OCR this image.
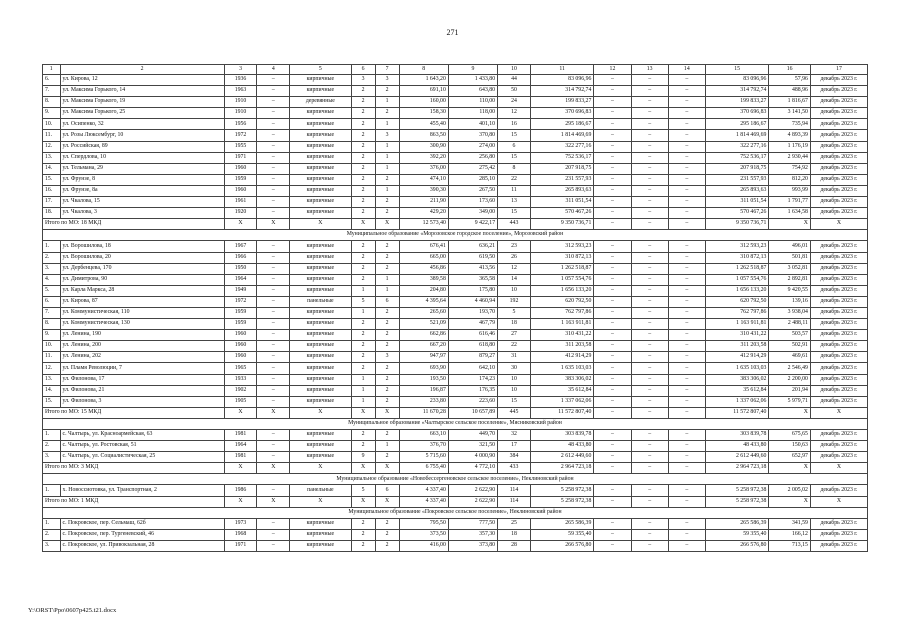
271
1	2	3	4	5	6	7	8	9	10	11	12	13	14	15	16	17
6.	ул. Кирова, 12	1936	–	кирпичные	3	3	1 643,20	1 433,80	44	83 096,96	–	–	–	83 096,96	57,96	декабрь 2023 г.
7.	ул. Максима Горького, 14	1963	–	кирпичные	2	2	691,10	643,80	50	314 792,74	–	–	–	314 792,74	488,96	декабрь 2023 г.
8.	ул. Максима Горького, 19	1910	–	деревянные	2	1	160,00	110,00	24	199 833,27	–	–	–	199 833,27	1 816,67	декабрь 2023 г.
9.	ул. Максима Горького, 25	1910	–	кирпичные	2	2	158,30	118,00	12	370 696,83	–	–	–	370 696,83	3 141,50	декабрь 2023 г.
10.	ул. Осипенко, 32	1956	–	кирпичные	2	1	455,40	401,10	16	295 186,67	–	–	–	295 186,67	735,94	декабрь 2023 г.
11.	ул. Розы Люксембург, 10	1972	–	кирпичные	2	3	863,50	370,80	15	1 814 469,69	–	–	–	1 814 469,69	4 893,39	декабрь 2023 г.
12.	ул. Российская, 89	1955	–	кирпичные	2	1	300,90	274,00	6	322 277,16	–	–	–	322 277,16	1 176,19	декабрь 2023 г.
13.	ул. Спердлова, 10	1971	–	кирпичные	2	1	392,20	256,80	15	752 536,17	–	–	–	752 536,17	2 930,44	декабрь 2023 г.
14.	ул. Тельмана, 29	1960	–	кирпичные	2	1	376,00	275,42	8	207 918,75	–	–	–	207 918,75	754,92	декабрь 2023 г.
15.	ул. Фрунзе, 8	1959	–	кирпичные	2	2	474,10	285,10	22	231 557,93	–	–	–	231 557,93	812,20	декабрь 2023 г.
16.	ул. Фрунзе, 8а	1960	–	кирпичные	2	1	390,30	267,50	11	265 893,63	–	–	–	265 893,63	993,99	декабрь 2023 г.
17.	ул. Чкалова, 15	1961	–	кирпичные	2	2	211,90	173,60	13	311 051,54	–	–	–	311 051,54	1 791,77	декабрь 2023 г.
18.	ул. Чкалова, 3	1920	–	кирпичные	2	2	429,20	349,00	15	570 467,26	–	–	–	570 467,26	1 634,58	декабрь 2023 г.
Итого по МО: 18 МКД		X	X	X	X	X	12 573,40	9 422,17	443	9 350 736,71	–	–	–	9 350 736,71	X	X
Муниципальное образование «Морозовское городское поселение», Морозовский район																
1.	ул. Ворошилова, 18	1967	–	кирпичные	2	2	676,41	636,21	23	312 593,23	–	–	–	312 593,23	496,01	декабрь 2023 г.
2.	ул. Ворошилова, 20	1966	–	кирпичные	2	2	665,00	619,50	26	310 872,13	–	–	–	310 872,13	501,81	декабрь 2023 г.
3.	ул. Дербенцева, 170	1950	–	кирпичные	2	2	456,86	413,56	12	1 262 518,87	–	–	–	1 262 518,87	3 052,81	декабрь 2023 г.
4.	ул. Димитрова, 90	1964	–	кирпичные	2	1	389,58	365,58	14	1 057 554,76	–	–	–	1 057 554,76	2 892,81	декабрь 2023 г.
5.	ул. Карла Маркса, 28	1949	–	кирпичные	1	1	204,80	175,80	10	1 656 133,20	–	–	–	1 656 133,20	9 420,55	декабрь 2023 г.
6.	ул. Кирова, 87	1972	–	панельные	5	6	4 395,64	4 460,94	192	620 792,50	–	–	–	620 792,50	139,16	декабрь 2023 г.
7.	ул. Коммунистическая, 110	1959	–	кирпичные	1	2	265,60	193,70	5	762 797,86	–	–	–	762 797,86	3 938,04	декабрь 2023 г.
8.	ул. Коммунистическая, 130	1959	–	кирпичные	2	2	521,09	467,79	18	1 163 911,81	–	–	–	1 163 911,81	2 488,11	декабрь 2023 г.
9.	ул. Ленина, 190	1960	–	кирпичные	2	2	662,86	616,46	27	310 431,22	–	–	–	310 431,22	503,57	декабрь 2023 г.
10.	ул. Ленина, 200	1960	–	кирпичные	2	2	667,20	618,80	22	311 203,58	–	–	–	311 203,58	502,91	декабрь 2023 г.
11.	ул. Ленина, 202	1960	–	кирпичные	2	3	947,97	879,27	31	412 914,29	–	–	–	412 914,29	469,61	декабрь 2023 г.
12.	ул. Пламя Революции, 7	1965	–	кирпичные	2	2	693,90	642,10	30	1 635 103,03	–	–	–	1 635 103,03	2 546,49	декабрь 2023 г.
13.	ул. Филонова, 17	1933	–	кирпичные	1	2	193,50	174,23	10	383 306,02	–	–	–	383 306,02	2 200,00	декабрь 2023 г.
14.	ул. Филонова, 21	1902	–	кирпичные	1	2	196,87	176,35	10	35 612,84	–	–	–	35 612,84	201,94	декабрь 2023 г.
15.	ул. Филонова, 3	1905	–	кирпичные	1	2	233,80	223,60	15	1 337 062,06	–	–	–	1 337 062,06	5 979,71	декабрь 2023 г.
Итого по МО: 15 МКД		X	X	X	X	X	11 670,28	10 657,89	445	11 572 807,40	–	–	–	11 572 807,40	X	X
Муниципальное образование «Чалтырское сельское поселение», Мясниковский район																
1.	с. Чалтырь, ул. Красноармейская, 63	1981	–	кирпичные	2	2	663,10	449,70	32	303 839,78	–	–	–	303 839,78	675,65	декабрь 2023 г.
2.	с. Чалтырь, ул. Ростовская, 51	1964	–	кирпичные	2	1	376,70	321,50	17	48 433,80	–	–	–	48 433,80	150,63	декабрь 2023 г.
3.	с. Чалтырь, ул. Социалистическая, 25	1981	–	кирпичные	9	2	5 715,60	4 000,90	384	2 612 449,60	–	–	–	2 612 449,60	652,97	декабрь 2023 г.
Итого по МО: 3 МКД		X	X	X	X	X	6 755,40	4 772,10	433	2 964 723,18	–	–	–	2 964 723,18	X	X
Муниципальное образование «Новобессергеновское сельское поселение», Неклиновский район																
1.	х. Новоссиотовка, ул. Транспортная, 2	1986	–	панельные	5	6	4 337,40	2 622,90	114	5 258 972,38	–	–	–	5 258 972,38	2 005,02	декабрь 2023 г.
Итого по МО: 1 МКД		X	X	X	X	X	4 337,40	2 622,90	114	5 258 972,38	–	–	–	5 258 972,38	X	X
Муниципальное образование «Покровское сельское поселение», Неклиновский район																
1.	с. Покровское, пер. Сельмаш, 62б	1973	–	кирпичные	2	2	795,50	777,50	25	265 586,39	–	–	–	265 586,39	341,59	декабрь 2023 г.
2.	с. Покровское, пер. Тургеневский, 46	1968	–	кирпичные	2	2	373,50	357,30	18	59 355,40	–	–	–	59 355,40	166,12	декабрь 2023 г.
3.	с. Покровское, ул. Привокзальная, 28	1971	–	кирпичные	2	2	416,00	373,80	28	266 576,80	–	–	–	266 576,80	713,15	декабрь 2023 г.
Y:\ORST\Ppo\0607p425.t21.docx
